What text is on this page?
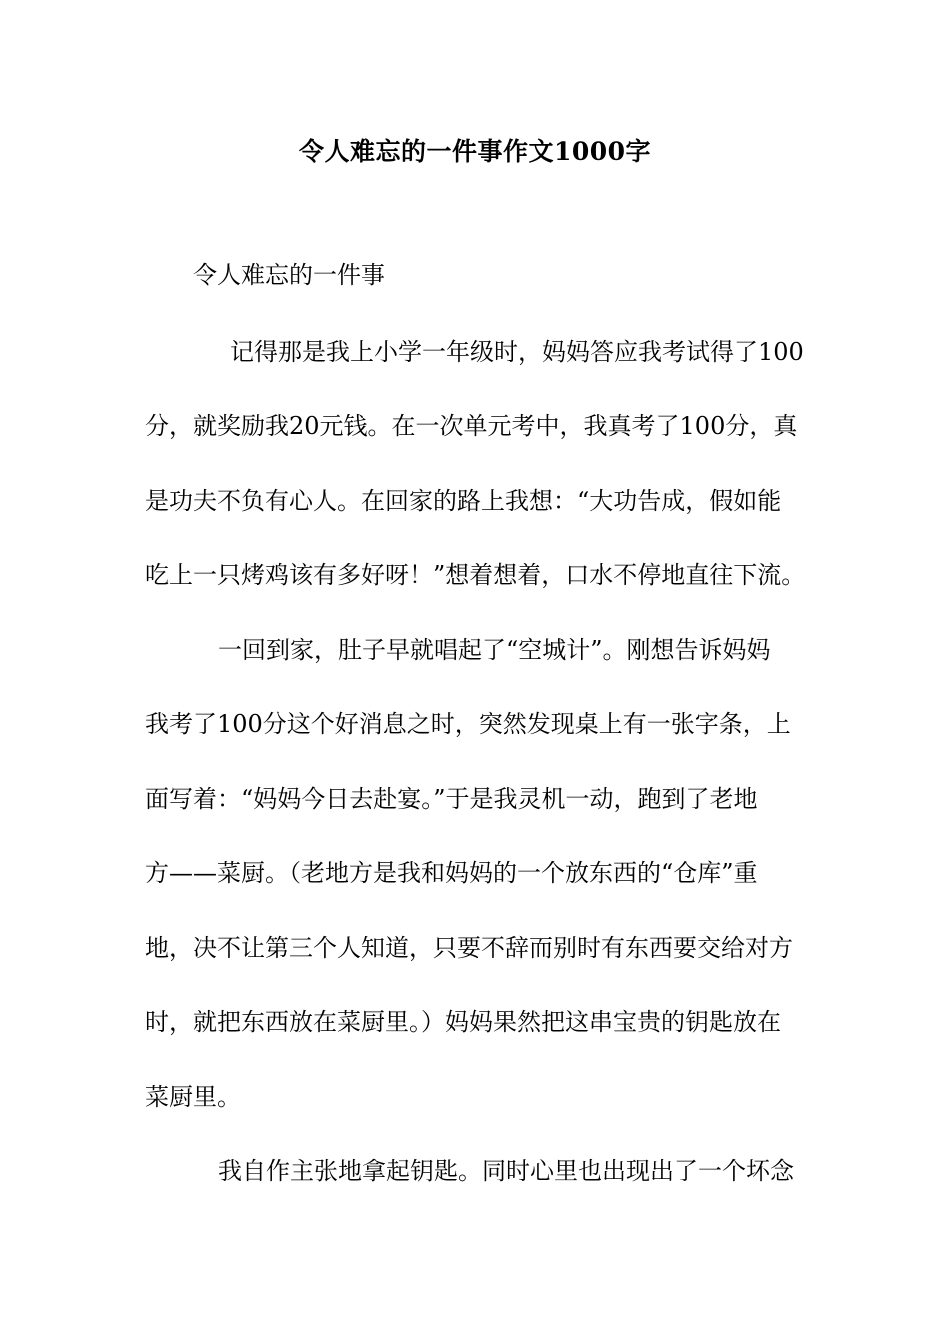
令人难忘的一件事作文1000字
令人难忘的一件事
记得那是我上小学一年级时，妈妈答应我考试得了100
分，就奖励我20元钱。在一次单元考中，我真考了100分，真
是功夫不负有心人。在回家的路上我想：“大功告成，假如能
吃上一只烤鸡该有多好呀！”想着想着，口水不停地直往下流。
一回到家，肚子早就唱起了“空城计”。刚想告诉妈妈
我考了100分这个好消息之时，突然发现桌上有一张字条，上
面写着：“妈妈今日去赴宴。”于是我灵机一动，跑到了老地
方——菜厨。（老地方是我和妈妈的一个放东西的“仓库”重
地，决不让第三个人知道，只要不辞而别时有东西要交给对方
时，就把东西放在菜厨里。）妈妈果然把这串宝贵的钥匙放在
菜厨里。
我自作主张地拿起钥匙。同时心里也出现出了一个坏念
